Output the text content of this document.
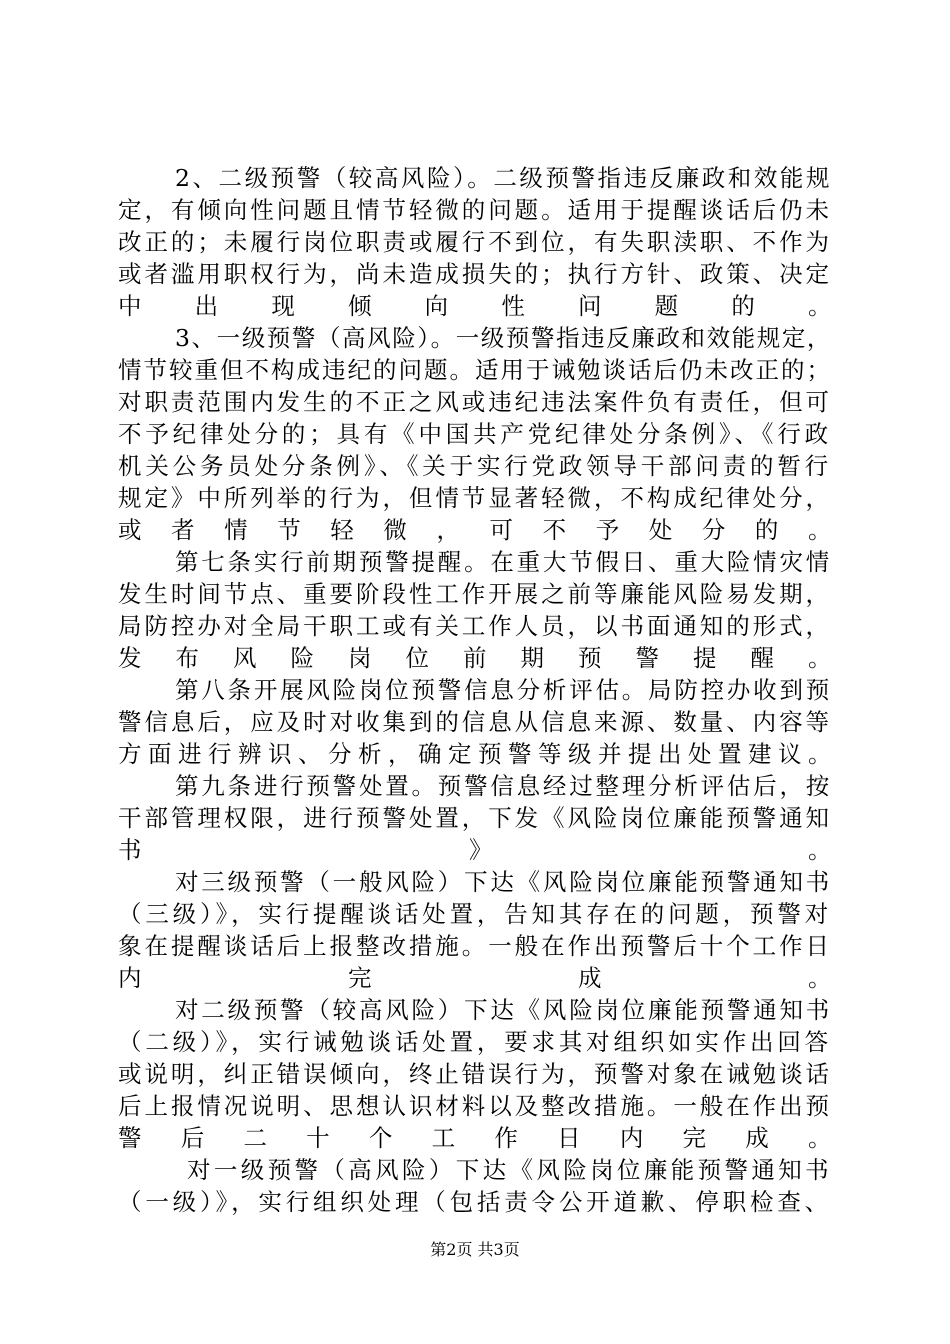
2、二级预警（较高风险）。二级预警指违反廉政和效能规
定，有倾向性问题且情节轻微的问题。适用于提醒谈话后仍未
改正的；未履行岗位职责或履行不到位，有失职渎职、不作为
或者滥用职权行为，尚未造成损失的；执行方针、政策、决定
中出现倾向性问题的。
3、一级预警（高风险）。一级预警指违反廉政和效能规定，
情节较重但不构成违纪的问题。适用于诫勉谈话后仍未改正的；
对职责范围内发生的不正之风或违纪违法案件负有责任，但可
不予纪律处分的；具有《中国共产党纪律处分条例》、《行政
机关公务员处分条例》、《关于实行党政领导干部问责的暂行
规定》中所列举的行为，但情节显著轻微，不构成纪律处分，
或者情节轻微，可不予处分的。
第七条实行前期预警提醒。在重大节假日、重大险情灾情
发生时间节点、重要阶段性工作开展之前等廉能风险易发期，
局防控办对全局干职工或有关工作人员，以书面通知的形式，
发布风险岗位前期预警提醒。
第八条开展风险岗位预警信息分析评估。局防控办收到预
警信息后，应及时对收集到的信息从信息来源、数量、内容等
方面进行辨识、分析，确定预警等级并提出处置建议。
第九条进行预警处置。预警信息经过整理分析评估后，按
干部管理权限，进行预警处置，下发《风险岗位廉能预警通知
书》。
对三级预警（一般风险）下达《风险岗位廉能预警通知书
（三级）》，实行提醒谈话处置，告知其存在的问题，预警对
象在提醒谈话后上报整改措施。一般在作出预警后十个工作日
内完成。
对二级预警（较高风险）下达《风险岗位廉能预警通知书
（二级）》，实行诫勉谈话处置，要求其对组织如实作出回答
或说明，纠正错误倾向，终止错误行为，预警对象在诫勉谈话
后上报情况说明、思想认识材料以及整改措施。一般在作出预
警后二十个工作日内完成。
对一级预警（高风险）下达《风险岗位廉能预警通知书
（一级）》，实行组织处理（包括责令公开道歉、停职检查、
第2页 共3页
